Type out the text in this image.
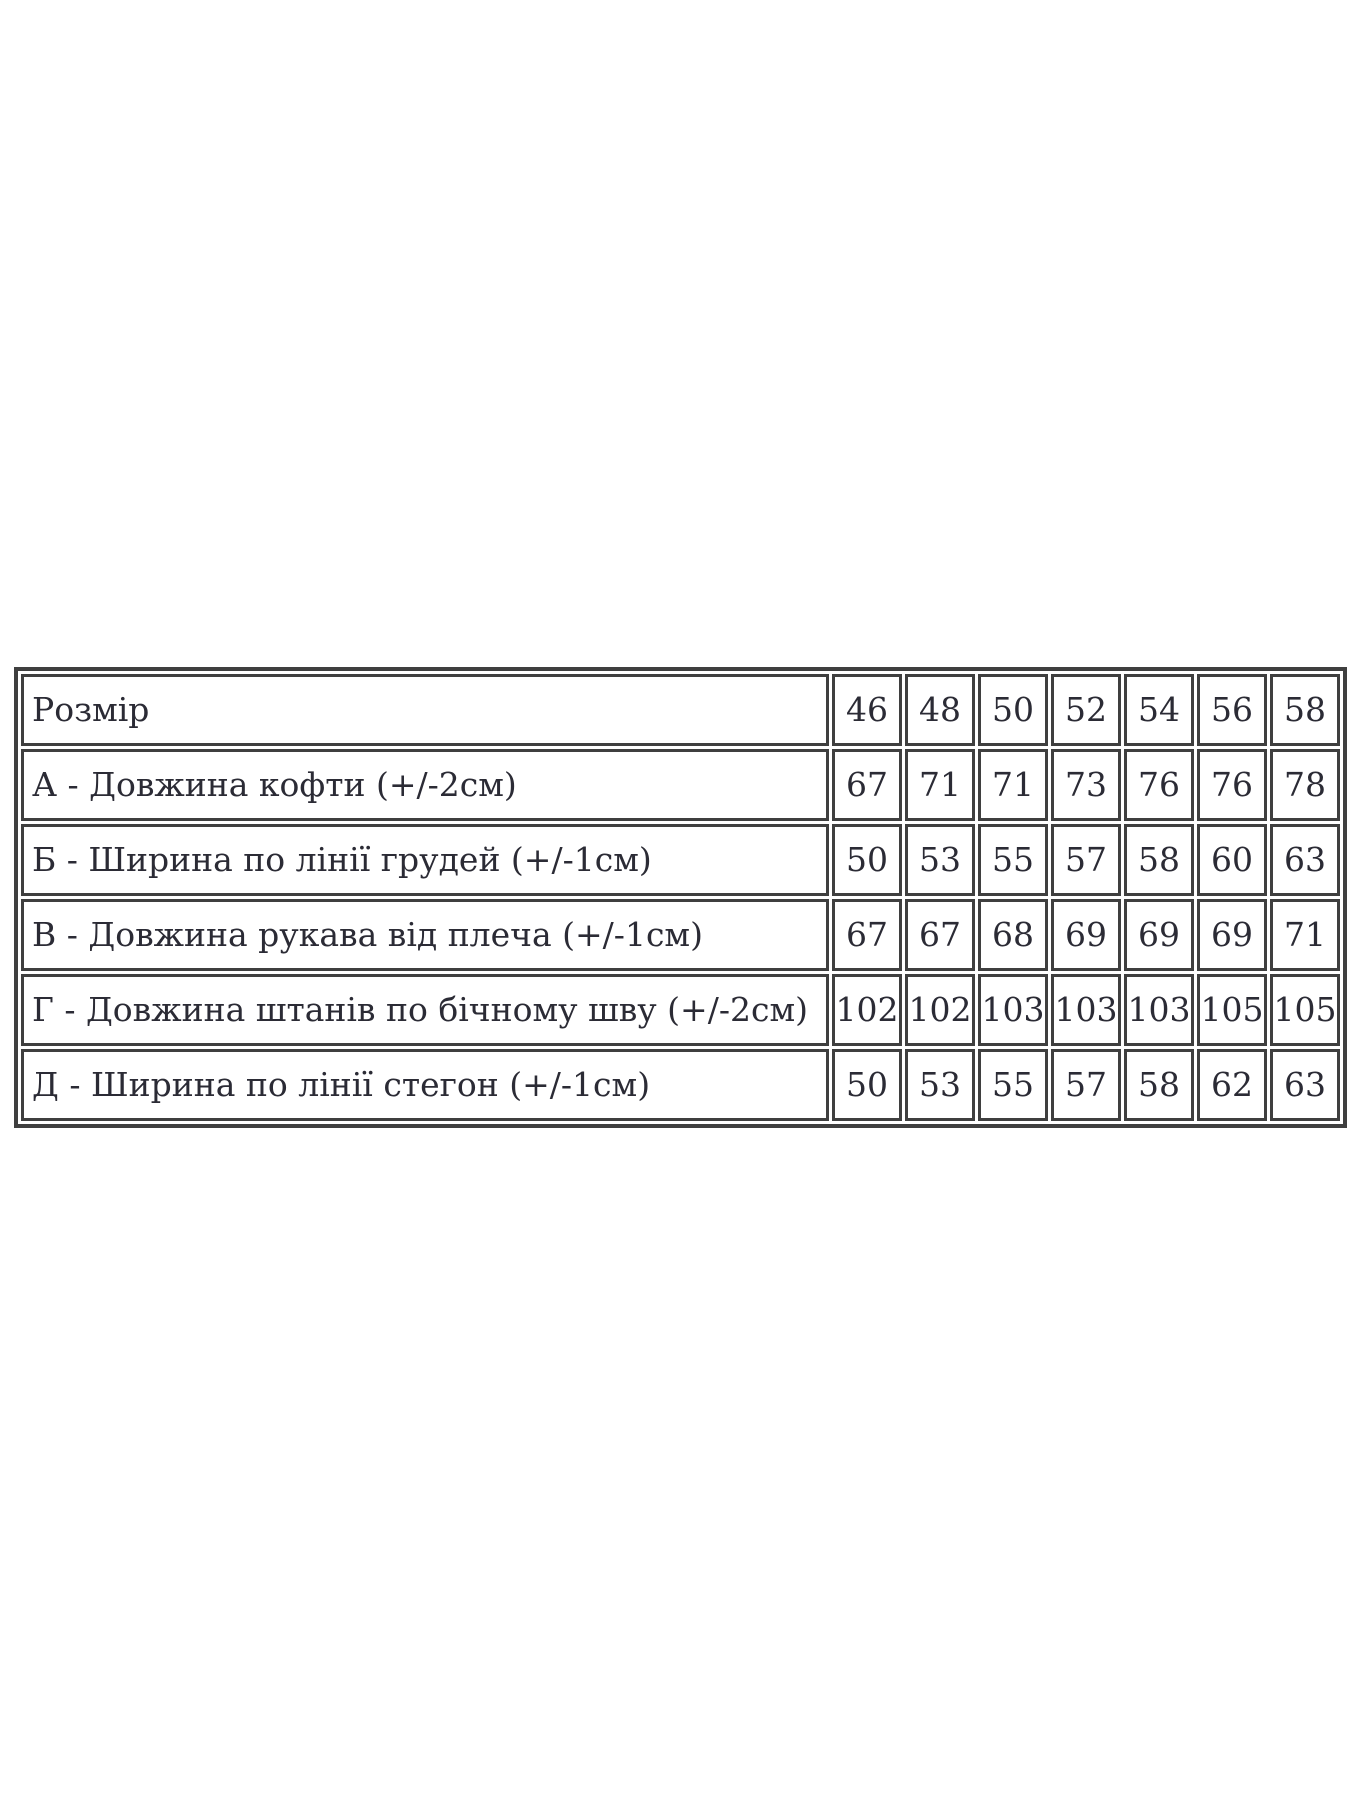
Розмір	46	48	50	52	54	56	58
А - Довжина кофти (+/-2см)	67	71	71	73	76	76	78
Б - Ширина по лінії грудей (+/-1см)	50	53	55	57	58	60	63
В - Довжина рукава від плеча (+/-1см)	67	67	68	69	69	69	71
Г - Довжина штанів по бічному шву (+/-2см)	102	102	103	103	103	105	105
Д - Ширина по лінії стегон (+/-1см)	50	53	55	57	58	62	63
